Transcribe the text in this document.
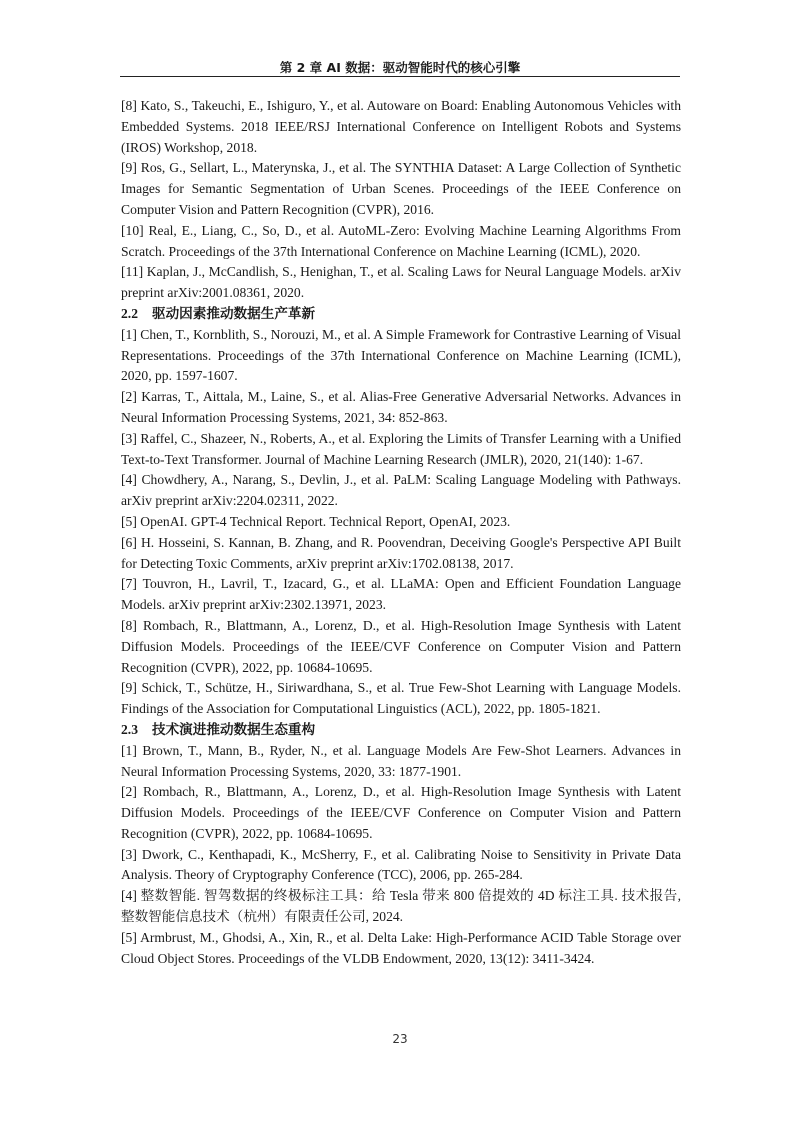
第 2 章 AI 数据：驱动智能时代的核心引擎

[8] Kato, S., Takeuchi, E., Ishiguro, Y., et al. Autoware on Board: Enabling Autonomous Vehicles with Embedded Systems. 2018 IEEE/RSJ International Conference on Intelligent Robots and Systems (IROS) Workshop, 2018.

[9] Ros, G., Sellart, L., Materynska, J., et al. The SYNTHIA Dataset: A Large Collection of Synthetic Images for Semantic Segmentation of Urban Scenes. Proceedings of the IEEE Conference on Computer Vision and Pattern Recognition (CVPR), 2016.

[10] Real, E., Liang, C., So, D., et al. AutoML-Zero: Evolving Machine Learning Algorithms From Scratch. Proceedings of the 37th International Conference on Machine Learning (ICML), 2020.

[11] Kaplan, J., McCandlish, S., Henighan, T., et al. Scaling Laws for Neural Language Models. arXiv preprint arXiv:2001.08361, 2020.

2.2 驱动因素推动数据生产革新

[1] Chen, T., Kornblith, S., Norouzi, M., et al. A Simple Framework for Contrastive Learning of Visual Representations. Proceedings of the 37th International Conference on Machine Learning (ICML), 2020, pp. 1597-1607.

[2] Karras, T., Aittala, M., Laine, S., et al. Alias-Free Generative Adversarial Networks. Advances in Neural Information Processing Systems, 2021, 34: 852-863.

[3] Raffel, C., Shazeer, N., Roberts, A., et al. Exploring the Limits of Transfer Learning with a Unified Text-to-Text Transformer. Journal of Machine Learning Research (JMLR), 2020, 21(140): 1-67.

[4] Chowdhery, A., Narang, S., Devlin, J., et al. PaLM: Scaling Language Modeling with Pathways. arXiv preprint arXiv:2204.02311, 2022.

[5] OpenAI. GPT-4 Technical Report. Technical Report, OpenAI, 2023.

[6] H. Hosseini, S. Kannan, B. Zhang, and R. Poovendran, Deceiving Google's Perspective API Built for Detecting Toxic Comments, arXiv preprint arXiv:1702.08138, 2017.

[7] Touvron, H., Lavril, T., Izacard, G., et al. LLaMA: Open and Efficient Foundation Language Models. arXiv preprint arXiv:2302.13971, 2023.

[8] Rombach, R., Blattmann, A., Lorenz, D., et al. High-Resolution Image Synthesis with Latent Diffusion Models. Proceedings of the IEEE/CVF Conference on Computer Vision and Pattern Recognition (CVPR), 2022, pp. 10684-10695.

[9] Schick, T., Schütze, H., Siriwardhana, S., et al. True Few-Shot Learning with Language Models. Findings of the Association for Computational Linguistics (ACL), 2022, pp. 1805-1821.

2.3 技术演进推动数据生态重构

[1] Brown, T., Mann, B., Ryder, N., et al. Language Models Are Few-Shot Learners. Advances in Neural Information Processing Systems, 2020, 33: 1877-1901.

[2] Rombach, R., Blattmann, A., Lorenz, D., et al. High-Resolution Image Synthesis with Latent Diffusion Models. Proceedings of the IEEE/CVF Conference on Computer Vision and Pattern Recognition (CVPR), 2022, pp. 10684-10695.

[3] Dwork, C., Kenthapadi, K., McSherry, F., et al. Calibrating Noise to Sensitivity in Private Data Analysis. Theory of Cryptography Conference (TCC), 2006, pp. 265-284.

[4] 整数智能. 智驾数据的终极标注工具：给 Tesla 带来 800 倍提效的 4D 标注工具. 技术报告, 整数智能信息技术（杭州）有限责任公司, 2024.

[5] Armbrust, M., Ghodsi, A., Xin, R., et al. Delta Lake: High-Performance ACID Table Storage over Cloud Object Stores. Proceedings of the VLDB Endowment, 2020, 13(12): 3411-3424.

23
